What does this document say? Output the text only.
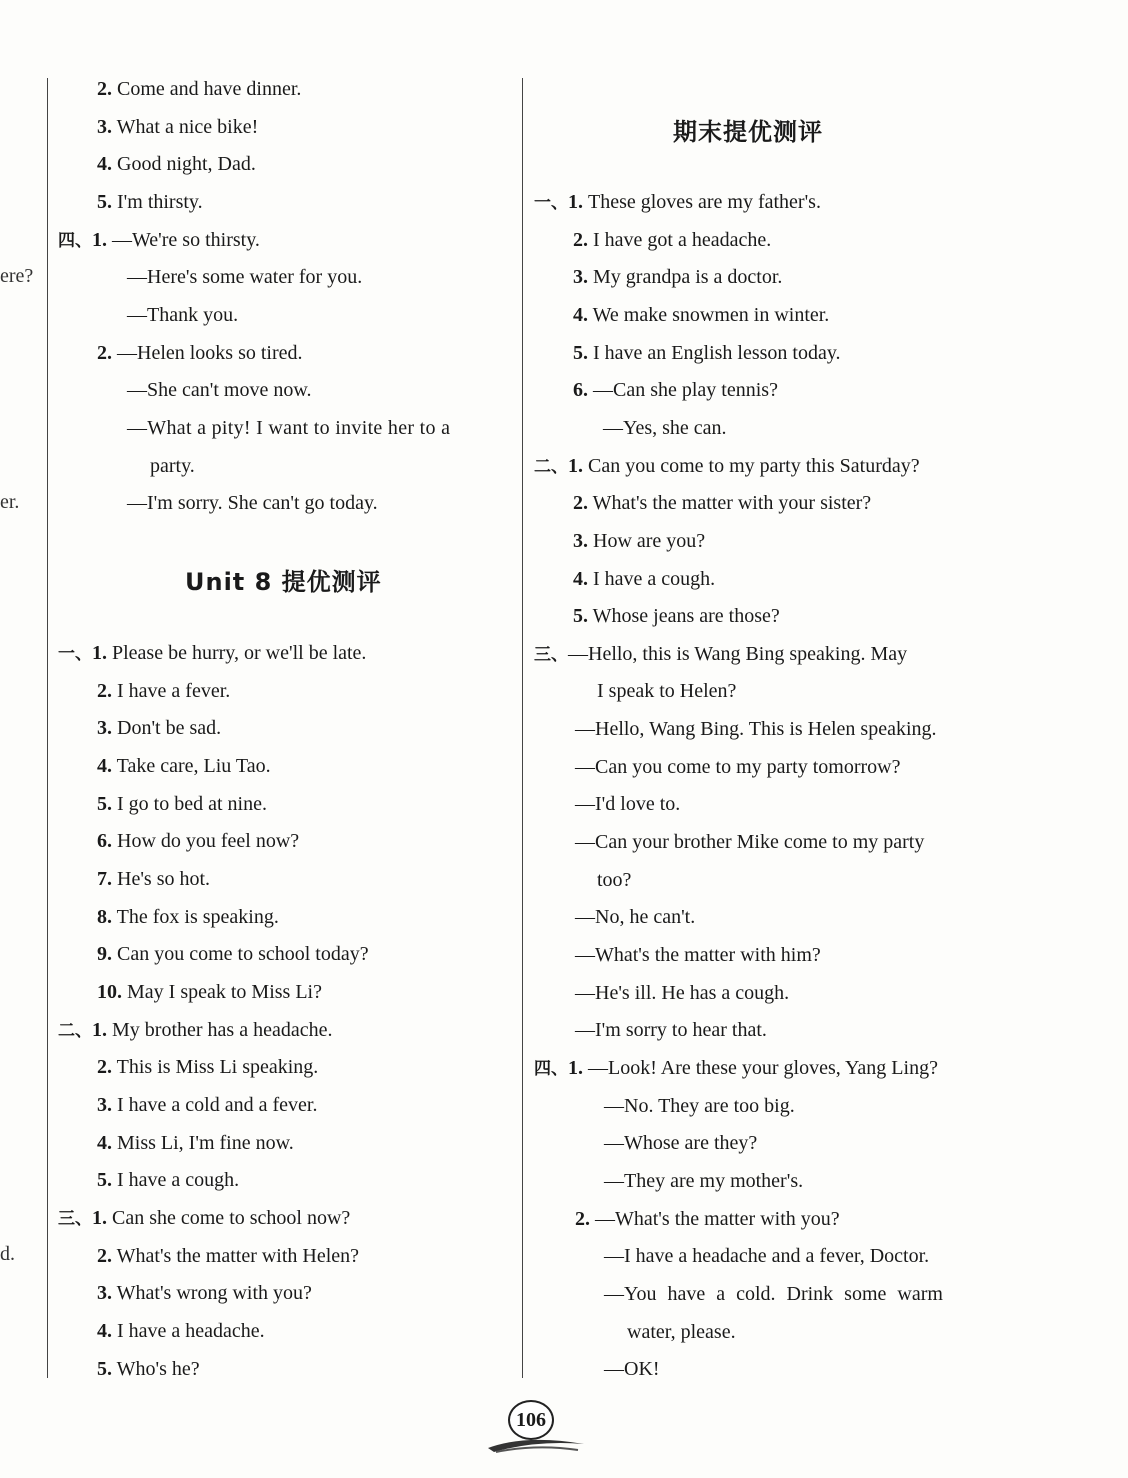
ere?
er.
d.
2. Come and have dinner.
3. What a nice bike!
4. Good night, Dad.
5. I'm thirsty.
四、1. —We're so thirsty.
—Here's some water for you.
—Thank you.
2. —Helen looks so tired.
—She can't move now.
—What a pity! I want to invite her to a
party.
—I'm sorry. She can't go today.
Unit 8 提优测评
一、1. Please be hurry, or we'll be late.
2. I have a fever.
3. Don't be sad.
4. Take care, Liu Tao.
5. I go to bed at nine.
6. How do you feel now?
7. He's so hot.
8. The fox is speaking.
9. Can you come to school today?
10. May I speak to Miss Li?
二、1. My brother has a headache.
2. This is Miss Li speaking.
3. I have a cold and a fever.
4. Miss Li, I'm fine now.
5. I have a cough.
三、1. Can she come to school now?
2. What's the matter with Helen?
3. What's wrong with you?
4. I have a headache.
5. Who's he?
期末提优测评
一、1. These gloves are my father's.
2. I have got a headache.
3. My grandpa is a doctor.
4. We make snowmen in winter.
5. I have an English lesson today.
6. —Can she play tennis?
—Yes, she can.
二、1. Can you come to my party this Saturday?
2. What's the matter with your sister?
3. How are you?
4. I have a cough.
5. Whose jeans are those?
三、—Hello, this is Wang Bing speaking. May
I speak to Helen?
—Hello, Wang Bing. This is Helen speaking.
—Can you come to my party tomorrow?
—I'd love to.
—Can your brother Mike come to my party
too?
—No, he can't.
—What's the matter with him?
—He's ill. He has a cough.
—I'm sorry to hear that.
四、1. —Look! Are these your gloves, Yang Ling?
—No. They are too big.
—Whose are they?
—They are my mother's.
2. —What's the matter with you?
—I have a headache and a fever, Doctor.
—You have a cold. Drink some warm
water, please.
—OK!
106
